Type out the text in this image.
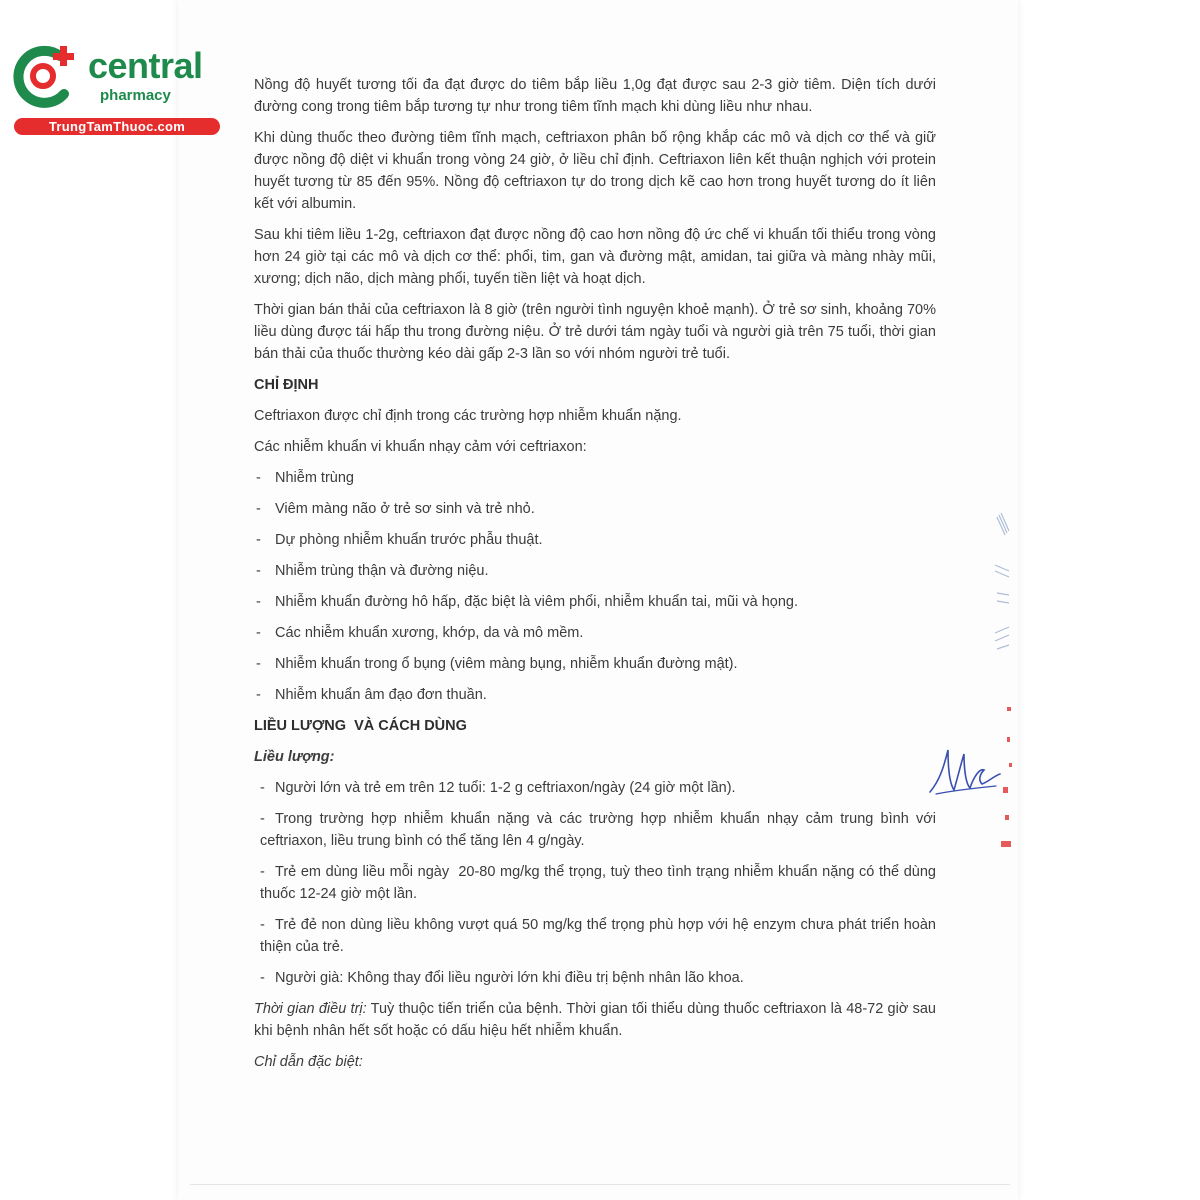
central
pharmacy
TrungTamThuoc.com

Nồng độ huyết tương tối đa đạt được do tiêm bắp liều 1,0g đạt được sau 2-3 giờ tiêm. Diện tích dưới đường cong trong tiêm bắp tương tự như trong tiêm tĩnh mạch khi dùng liều như nhau.

Khi dùng thuốc theo đường tiêm tĩnh mạch, ceftriaxon phân bố rộng khắp các mô và dịch cơ thể và giữ được nồng độ diệt vi khuẩn trong vòng 24 giờ, ở liều chỉ định. Ceftriaxon liên kết thuận nghịch với protein huyết tương từ 85 đến 95%. Nồng độ ceftriaxon tự do trong dịch kẽ cao hơn trong huyết tương do ít liên kết với albumin.

Sau khi tiêm liều 1-2g, ceftriaxon đạt được nồng độ cao hơn nồng độ ức chế vi khuẩn tối thiểu trong vòng hơn 24 giờ tại các mô và dịch cơ thể: phổi, tim, gan và đường mật, amidan, tai giữa và màng nhày mũi, xương; dịch não, dịch màng phổi, tuyến tiền liệt và hoạt dịch.

Thời gian bán thải của ceftriaxon là 8 giờ (trên người tình nguyện khoẻ mạnh). Ở trẻ sơ sinh, khoảng 70% liều dùng được tái hấp thu trong đường niệu. Ở trẻ dưới tám ngày tuổi và người già trên 75 tuổi, thời gian bán thải của thuốc thường kéo dài gấp 2-3 lần so với nhóm người trẻ tuổi.

CHỈ ĐỊNH

Ceftriaxon được chỉ định trong các trường hợp nhiễm khuẩn nặng.

Các nhiễm khuẩn vi khuẩn nhạy cảm với ceftriaxon:

- Nhiễm trùng
- Viêm màng não ở trẻ sơ sinh và trẻ nhỏ.
- Dự phòng nhiễm khuẩn trước phẫu thuật.
- Nhiễm trùng thận và đường niệu.
- Nhiễm khuẩn đường hô hấp, đặc biệt là viêm phổi, nhiễm khuẩn tai, mũi và họng.
- Các nhiễm khuẩn xương, khớp, da và mô mềm.
- Nhiễm khuẩn trong ổ bụng (viêm màng bụng, nhiễm khuẩn đường mật).
- Nhiễm khuẩn âm đạo đơn thuần.
LIỀU LƯỢNG  VÀ CÁCH DÙNG

Liều lượng:

- Người lớn và trẻ em trên 12 tuổi: 1-2 g ceftriaxon/ngày (24 giờ một lần).
- Trong trường hợp nhiễm khuẩn nặng và các trường hợp nhiễm khuẩn nhạy cảm trung bình với ceftriaxon, liều trung bình có thể tăng lên 4 g/ngày.
- Trẻ em dùng liều mỗi ngày  20-80 mg/kg thể trọng, tuỳ theo tình trạng nhiễm khuẩn nặng có thể dùng thuốc 12-24 giờ một lần.
- Trẻ đẻ non dùng liều không vượt quá 50 mg/kg thể trọng phù hợp với hệ enzym chưa phát triển hoàn thiện của trẻ.
- Người già: Không thay đổi liều người lớn khi điều trị bệnh nhân lão khoa.

Thời gian điều trị: Tuỳ thuộc tiến triển của bệnh. Thời gian tối thiểu dùng thuốc ceftriaxon là 48-72 giờ sau khi bệnh nhân hết sốt hoặc có dấu hiệu hết nhiễm khuẩn.

Chỉ dẫn đặc biệt:
